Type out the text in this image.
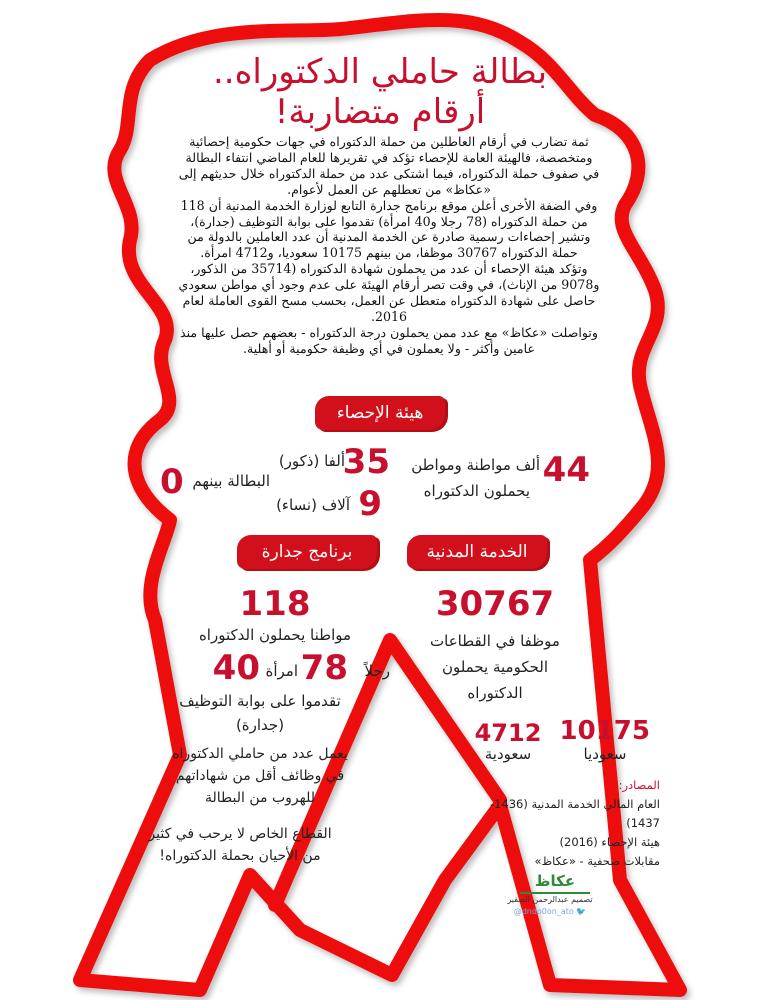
بطالة حاملي الدكتوراه..
أرقام متضاربة!

ثمة تضارب في أرقام العاطلين من حملة الدكتوراه في جهات حكومية إحصائية ومتخصصة، فالهيئة العامة للإحصاء تؤكد في تقريرها للعام الماضي انتفاء البطالة في صفوف حملة الدكتوراه، فيما اشتكى عدد من حملة الدكتوراه خلال حديثهم إلى «عكاظ» من تعطلهم عن العمل لأعوام.

وفي الضفة الأخرى أعلن موقع برنامج جدارة التابع لوزارة الخدمة المدنية أن 118 من حملة الدكتوراه (78 رجلا و40 امرأة) تقدموا على بوابة التوظيف (جدارة)، وتشير إحصاءات رسمية صادرة عن الخدمة المدنية أن عدد العاملين بالدولة من حملة الدكتوراه 30767 موظفا، من بينهم 10175 سعوديا، و4712 امرأة.

وتؤكد هيئة الإحصاء أن عدد من يحملون شهادة الدكتوراه (35714 من الذكور، و9078 من الإناث)، في وقت تصر أرقام الهيئة على عدم وجود أي مواطن سعودي حاصل على شهادة الدكتوراه متعطل عن العمل، بحسب مسح القوى العاملة لعام 2016.

وتواصلت «عكاظ» مع عدد ممن يحملون درجة الدكتوراه - بعضهم حصل عليها منذ عامين وأكثر - ولا يعملون في أي وظيفة حكومية أو أهلية.

هيئة الإحصاء
44
ألف مواطنة ومواطن
يحملون الدكتوراه
35
ألفا (ذكور)
9
آلاف (نساء)
0 البطالة بينهم
الخدمة المدنية
30767
موظفا في القطاعات
الحكومية يحملون
الدكتوراه
10175
سعوديا
4712
سعودية
برنامج جدارة
118
مواطنا يحملون الدكتوراه
78 رجلاً
40 امرأة
تقدموا على بوابة التوظيف
(جدارة)
يعمل عدد من حاملي الدكتوراه
في وظائف أقل من شهاداتهم
للهروب من البطالة
القطاع الخاص لا يرحب في كثير
من الأحيان بحملة الدكتوراه!
المصادر:
العام المالي الخدمة المدنية (1436-1437)
هيئة الإحصاء (2016)
مقابلات صحفية - «عكاظ»
عكاظ
تصميم عبدالرحمن الصقير
@dndo0on_ato 🐦
